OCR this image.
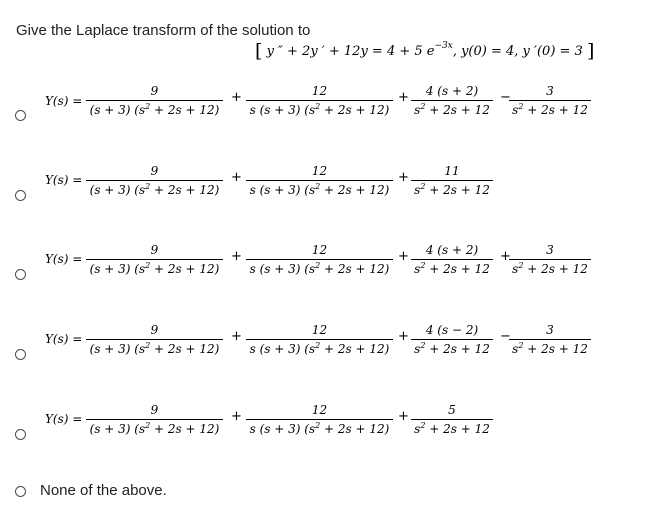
Give the Laplace transform of the solution to
[ y ″ + 2y ′ + 12y = 4 + 5 $e^{-3x}$, y(0) = 4, y ′(0) = 3 ]
Y(s) =
9
(s + 3) $(s^2 + 2s + 12)$
+	12
s (s + 3) $(s^2 + 2s + 12)$
+	4 (s + 2)
$s^2 + 2s + 12$
−	3
$s^2 + 2s + 12$
Y(s) =
9
(s + 3) $(s^2 + 2s + 12)$
+	12
s (s + 3) $(s^2 + 2s + 12)$
+	11
$s^2 + 2s + 12$
Y(s) =
9
(s + 3) $(s^2 + 2s + 12)$
+	12
s (s + 3) $(s^2 + 2s + 12)$
+	4 (s + 2)
$s^2 + 2s + 12$
+	3
$s^2 + 2s + 12$
Y(s) =
9
(s + 3) $(s^2 + 2s + 12)$
+	12
s (s + 3) $(s^2 + 2s + 12)$
+	4 (s − 2)
$s^2 + 2s + 12$
−	3
$s^2 + 2s + 12$
Y(s) =
9
(s + 3) $(s^2 + 2s + 12)$
+	12
s (s + 3) $(s^2 + 2s + 12)$
+	5
$s^2 + 2s + 12$
None of the above.
